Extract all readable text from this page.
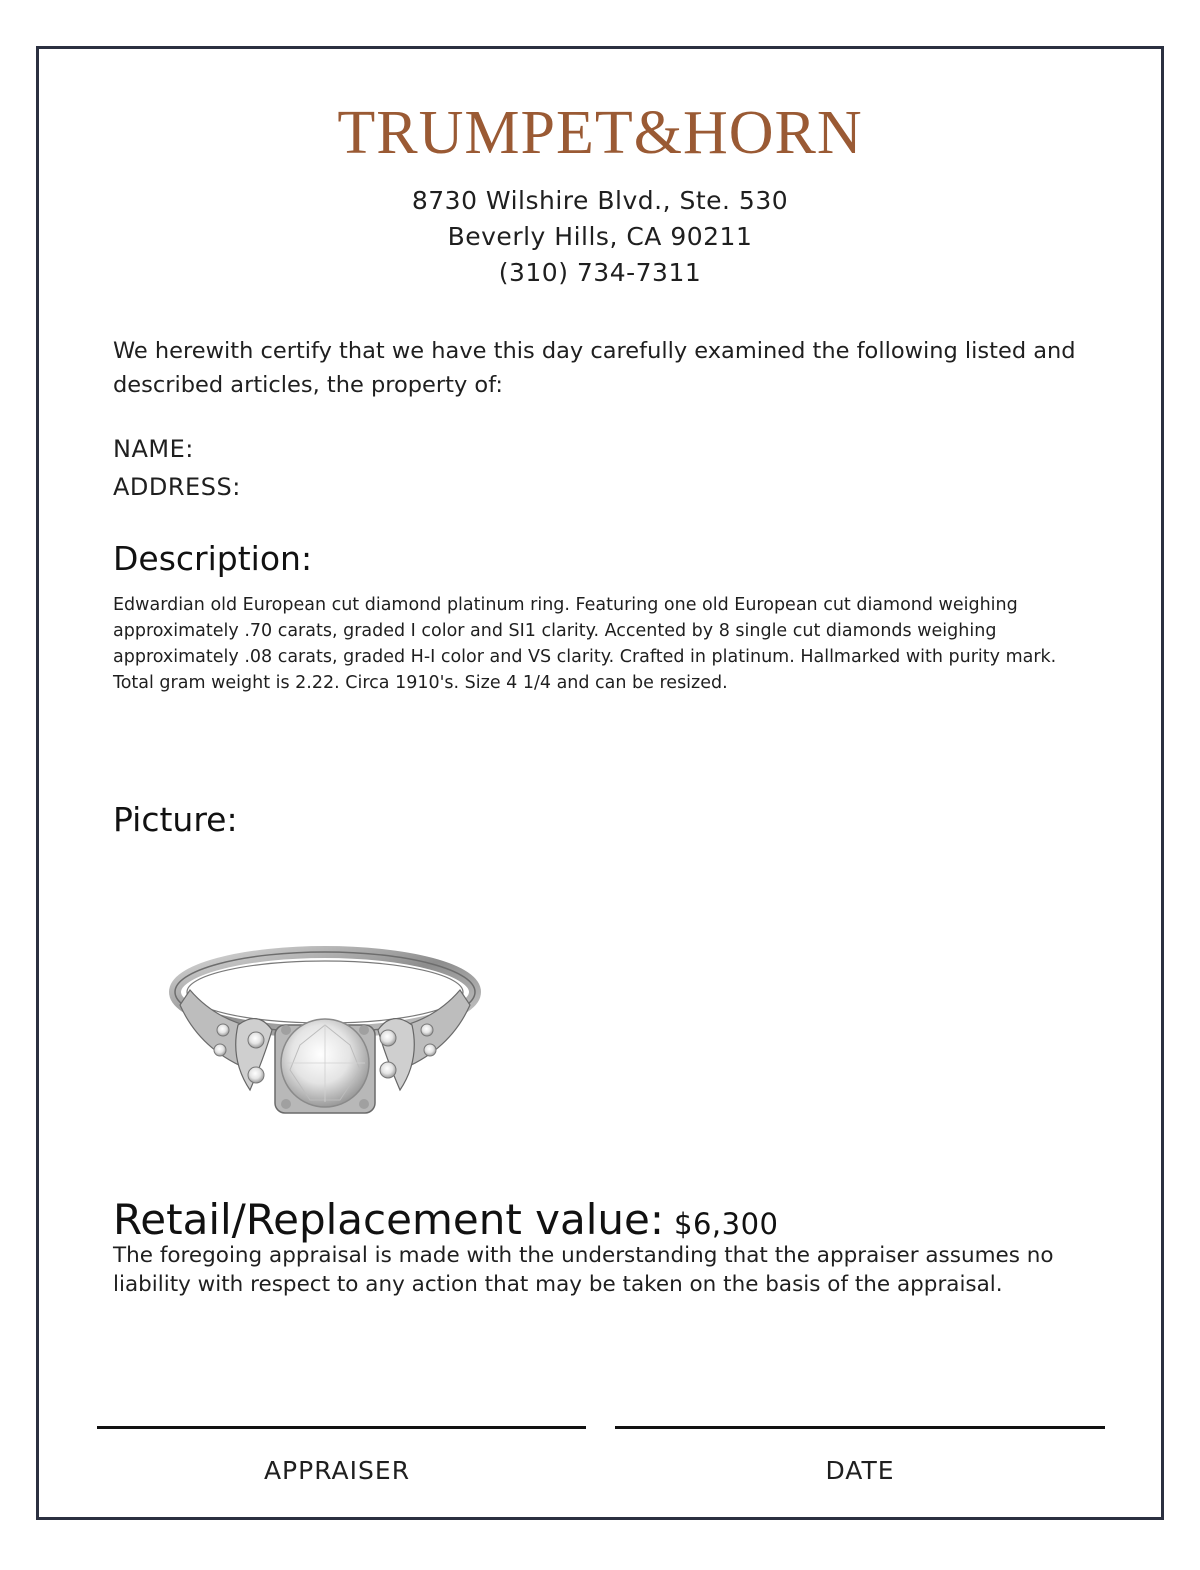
TRUMPET&HORN
8730 Wilshire Blvd., Ste. 530
Beverly Hills, CA 90211
(310) 734-7311
We herewith certify that we have this day carefully examined the following listed and described articles, the property of:
NAME:
ADDRESS:
Description:
Edwardian old European cut diamond platinum ring. Featuring one old European cut diamond weighing approximately .70 carats, graded I color and SI1 clarity. Accented by 8 single cut diamonds weighing approximately .08 carats, graded H-I color and VS clarity. Crafted in platinum. Hallmarked with purity mark. Total gram weight is 2.22. Circa 1910's. Size 4 1/4 and can be resized.
Picture:
Retail/Replacement value: $6,300
The foregoing appraisal is made with the understanding that the appraiser assumes no liability with respect to any action that may be taken on the basis of the appraisal.
APPRAISER	DATE
